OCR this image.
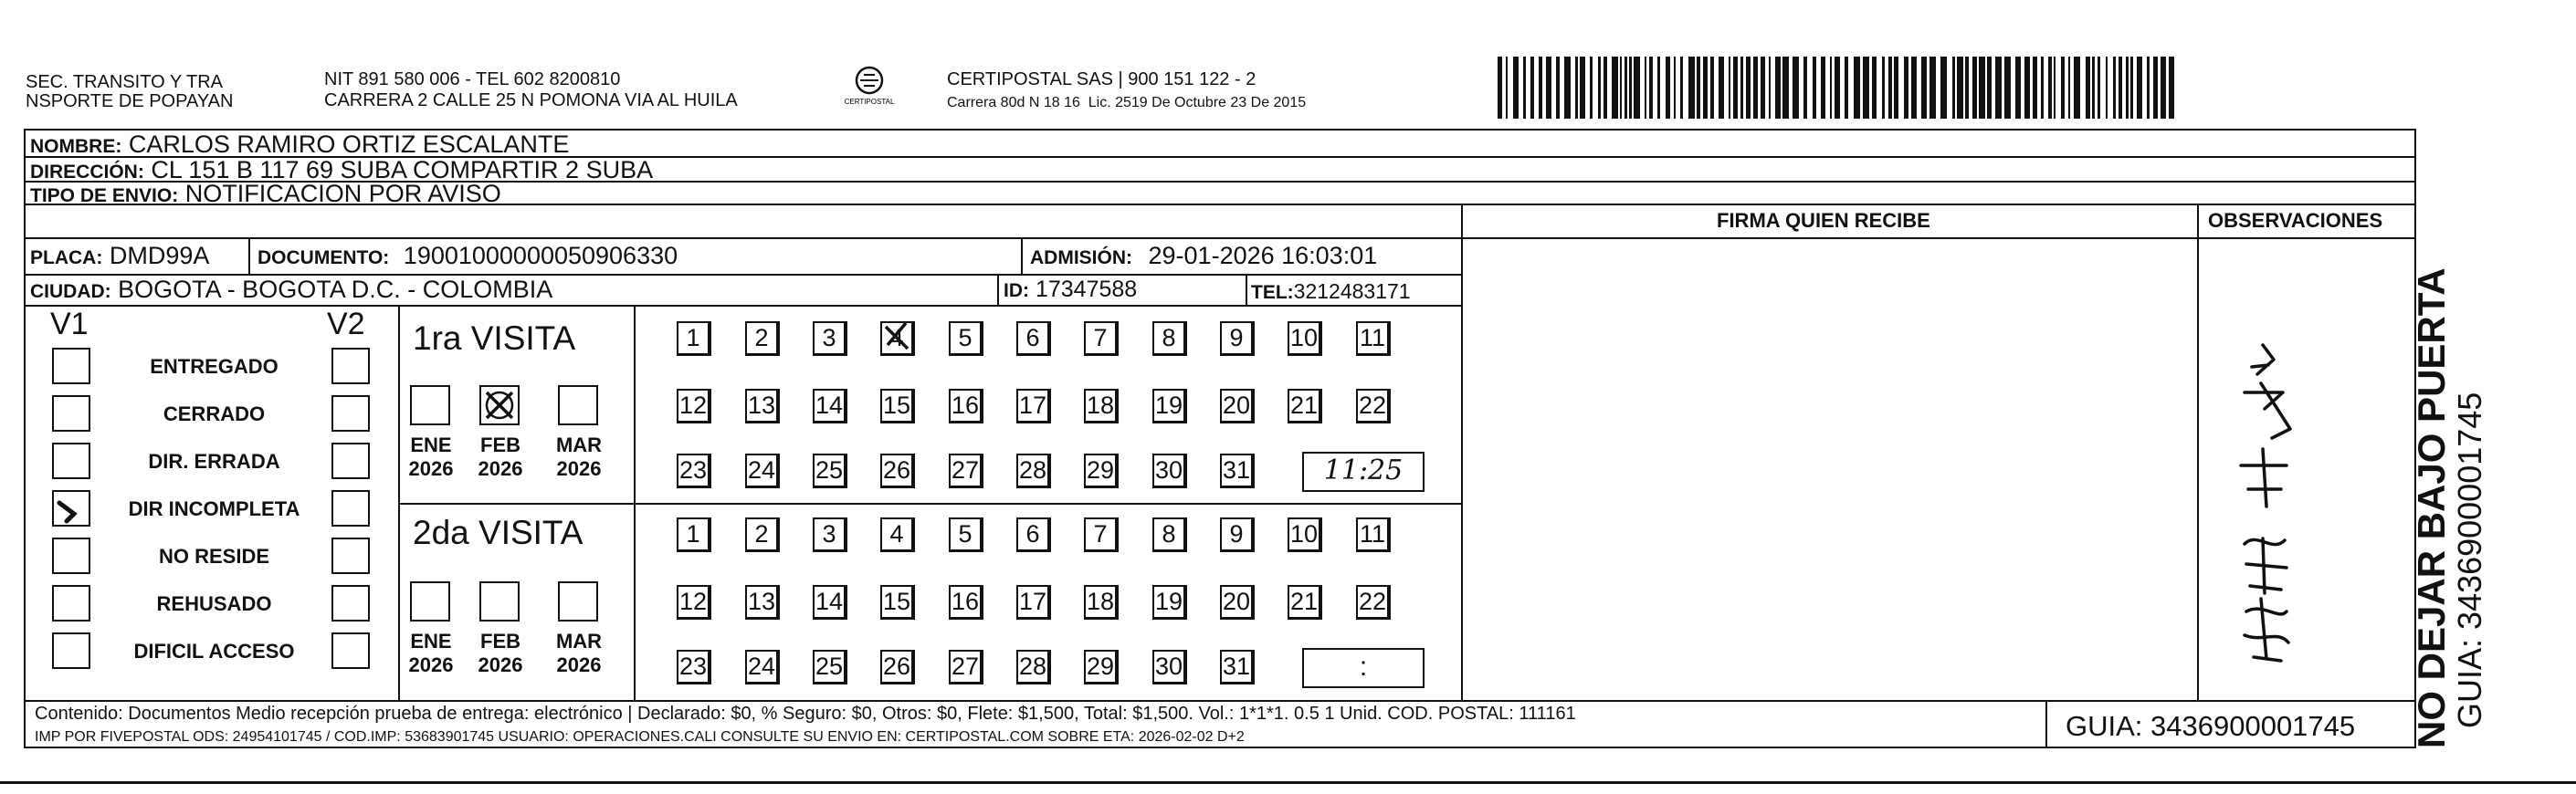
SEC. TRANSITO Y TRA
NSPORTE DE POPAYAN
NIT 891 580 006 - TEL 602 8200810
CARRERA 2 CALLE 25 N POMONA VIA AL HUILA	CERTIPOSTAL
CERTIPOSTAL SAS | 900 151 122 - 2
Carrera 80d N 18 16  Lic. 2519 De Octubre 23 De 2015
NOMBRE: CARLOS RAMIRO ORTIZ ESCALANTE
DIRECCIÓN: CL 151 B 117 69 SUBA COMPARTIR 2 SUBA
TIPO DE ENVIO: NOTIFICACION POR AVISO
FIRMA QUIEN RECIBE	OBSERVACIONES
PLACA: DMD99A	DOCUMENTO: 19001000000050906330	ADMISIÓN: 29-01-2026 16:03:01
CIUDAD: BOGOTA - BOGOTA D.C. - COLOMBIA	ID: 17347588	TEL:3212483171
V1	V2
ENTREGADO
CERRADO
DIR. ERRADA
DIR INCOMPLETA
NO RESIDE
REHUSADO
DIFICIL ACCESO
1ra VISITA
2da VISITA
1	2	3	4	5	6	7	8	9	10 11
12 13 14 15 16 17 18 19 20 21 22
23 24 25 26 27 28 29 30 31	11:25
ENE
2026
FEB
2026
MAR
2026
1	2	3	4	5	6	7	8	9	10 11
12 13 14 15 16 17 18 19 20 21 22
23 24 25 26 27 28 29 30 31	:
ENE
2026
FEB
2026
MAR
2026
Contenido: Documentos Medio recepción prueba de entrega: electrónico | Declarado: $0, % Seguro: $0, Otros: $0, Flete: $1,500, Total: $1,500. Vol.: 1*1*1. 0.5 1 Unid. COD. POSTAL: 111161
IMP POR FIVEPOSTAL ODS: 24954101745 / COD.IMP: 53683901745 USUARIO: OPERACIONES.CALI CONSULTE SU ENVIO EN: CERTIPOSTAL.COM SOBRE ETA: 2026-02-02 D+2	GUIA: 3436900001745 NO DEJAR BAJO PUERTA
GUIA: 3436900001745
